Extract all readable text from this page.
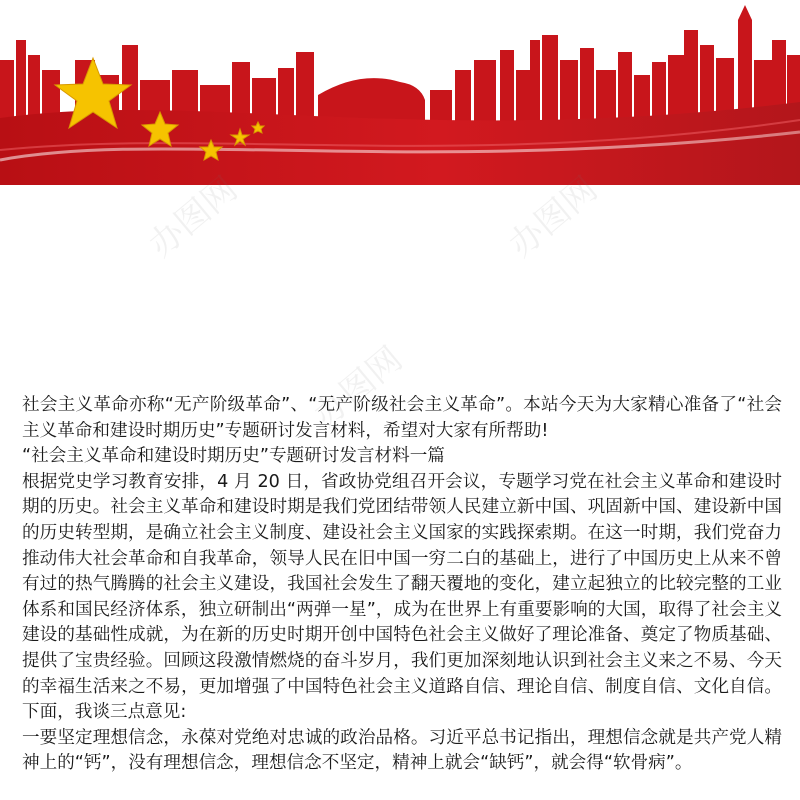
办图网	办图网
办图网

社会主义革命亦称“无产阶级革命”、“无产阶级社会主义革命”。本站今天为大家精心准备了“社会主义革命和建设时期历史”专题研讨发言材料，希望对大家有所帮助!

“社会主义革命和建设时期历史”专题研讨发言材料一篇

根据党史学习教育安排，4 月 20 日，省政协党组召开会议，专题学习党在社会主义革命和建设时期的历史。社会主义革命和建设时期是我们党团结带领人民建立新中国、巩固新中国、建设新中国的历史转型期，是确立社会主义制度、建设社会主义国家的实践探索期。在这一时期，我们党奋力推动伟大社会革命和自我革命，领导人民在旧中国一穷二白的基础上，进行了中国历史上从来不曾有过的热气腾腾的社会主义建设，我国社会发生了翻天覆地的变化，建立起独立的比较完整的工业体系和国民经济体系，独立研制出“两弹一星”，成为在世界上有重要影响的大国，取得了社会主义建设的基础性成就，为在新的历史时期开创中国特色社会主义做好了理论准备、奠定了物质基础、提供了宝贵经验。回顾这段激情燃烧的奋斗岁月，我们更加深刻地认识到社会主义来之不易、今天的幸福生活来之不易，更加增强了中国特色社会主义道路自信、理论自信、制度自信、文化自信。下面，我谈三点意见:

一要坚定理想信念，永葆对党绝对忠诚的政治品格。习近平总书记指出，理想信念就是共产党人精神上的“钙”，没有理想信念，理想信念不坚定，精神上就会“缺钙”，就会得“软骨病”。
